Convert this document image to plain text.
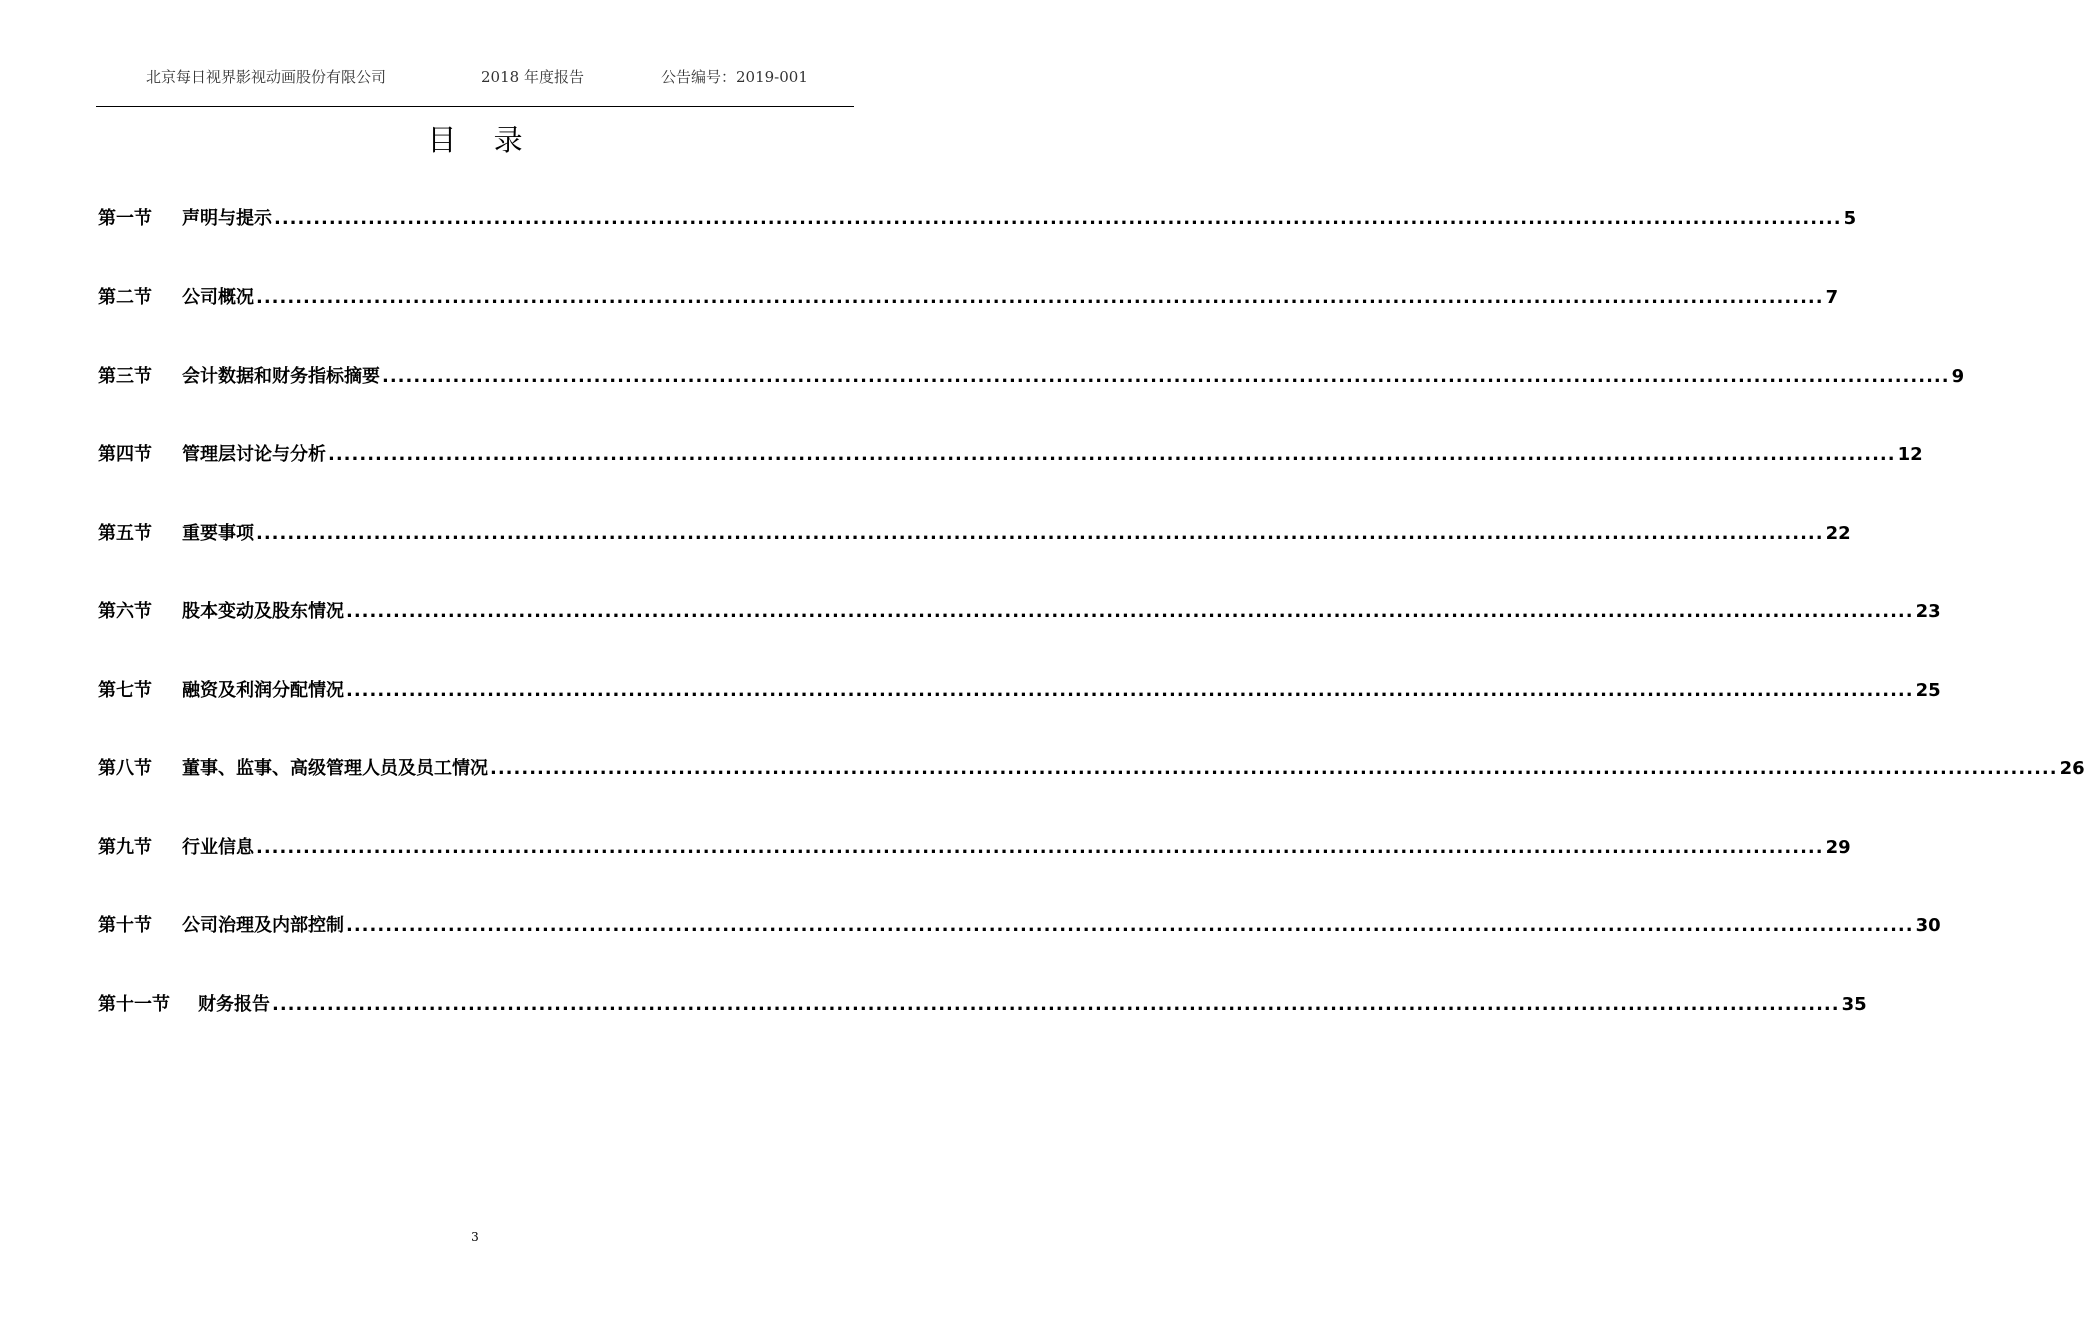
北京每日视界影视动画股份有限公司	2018 年度报告	公告编号：2019-001
目 录
第一节	声明与提示 ........................................................................................................................................................................................................ 5
第二节	公司概况 ........................................................................................................................................................................................................ 7
第三节	会计数据和财务指标摘要 ........................................................................................................................................................................................................ 9
第四节	管理层讨论与分析 ........................................................................................................................................................................................................ 12
第五节	重要事项 ........................................................................................................................................................................................................ 22
第六节	股本变动及股东情况 ........................................................................................................................................................................................................ 23
第七节	融资及利润分配情况 ........................................................................................................................................................................................................ 25
第八节	董事、监事、高级管理人员及员工情况 ........................................................................................................................................................................................................ 26
第九节	行业信息 ........................................................................................................................................................................................................ 29
第十节	公司治理及内部控制 ........................................................................................................................................................................................................ 30
第十一节	财务报告 ........................................................................................................................................................................................................ 35
3
